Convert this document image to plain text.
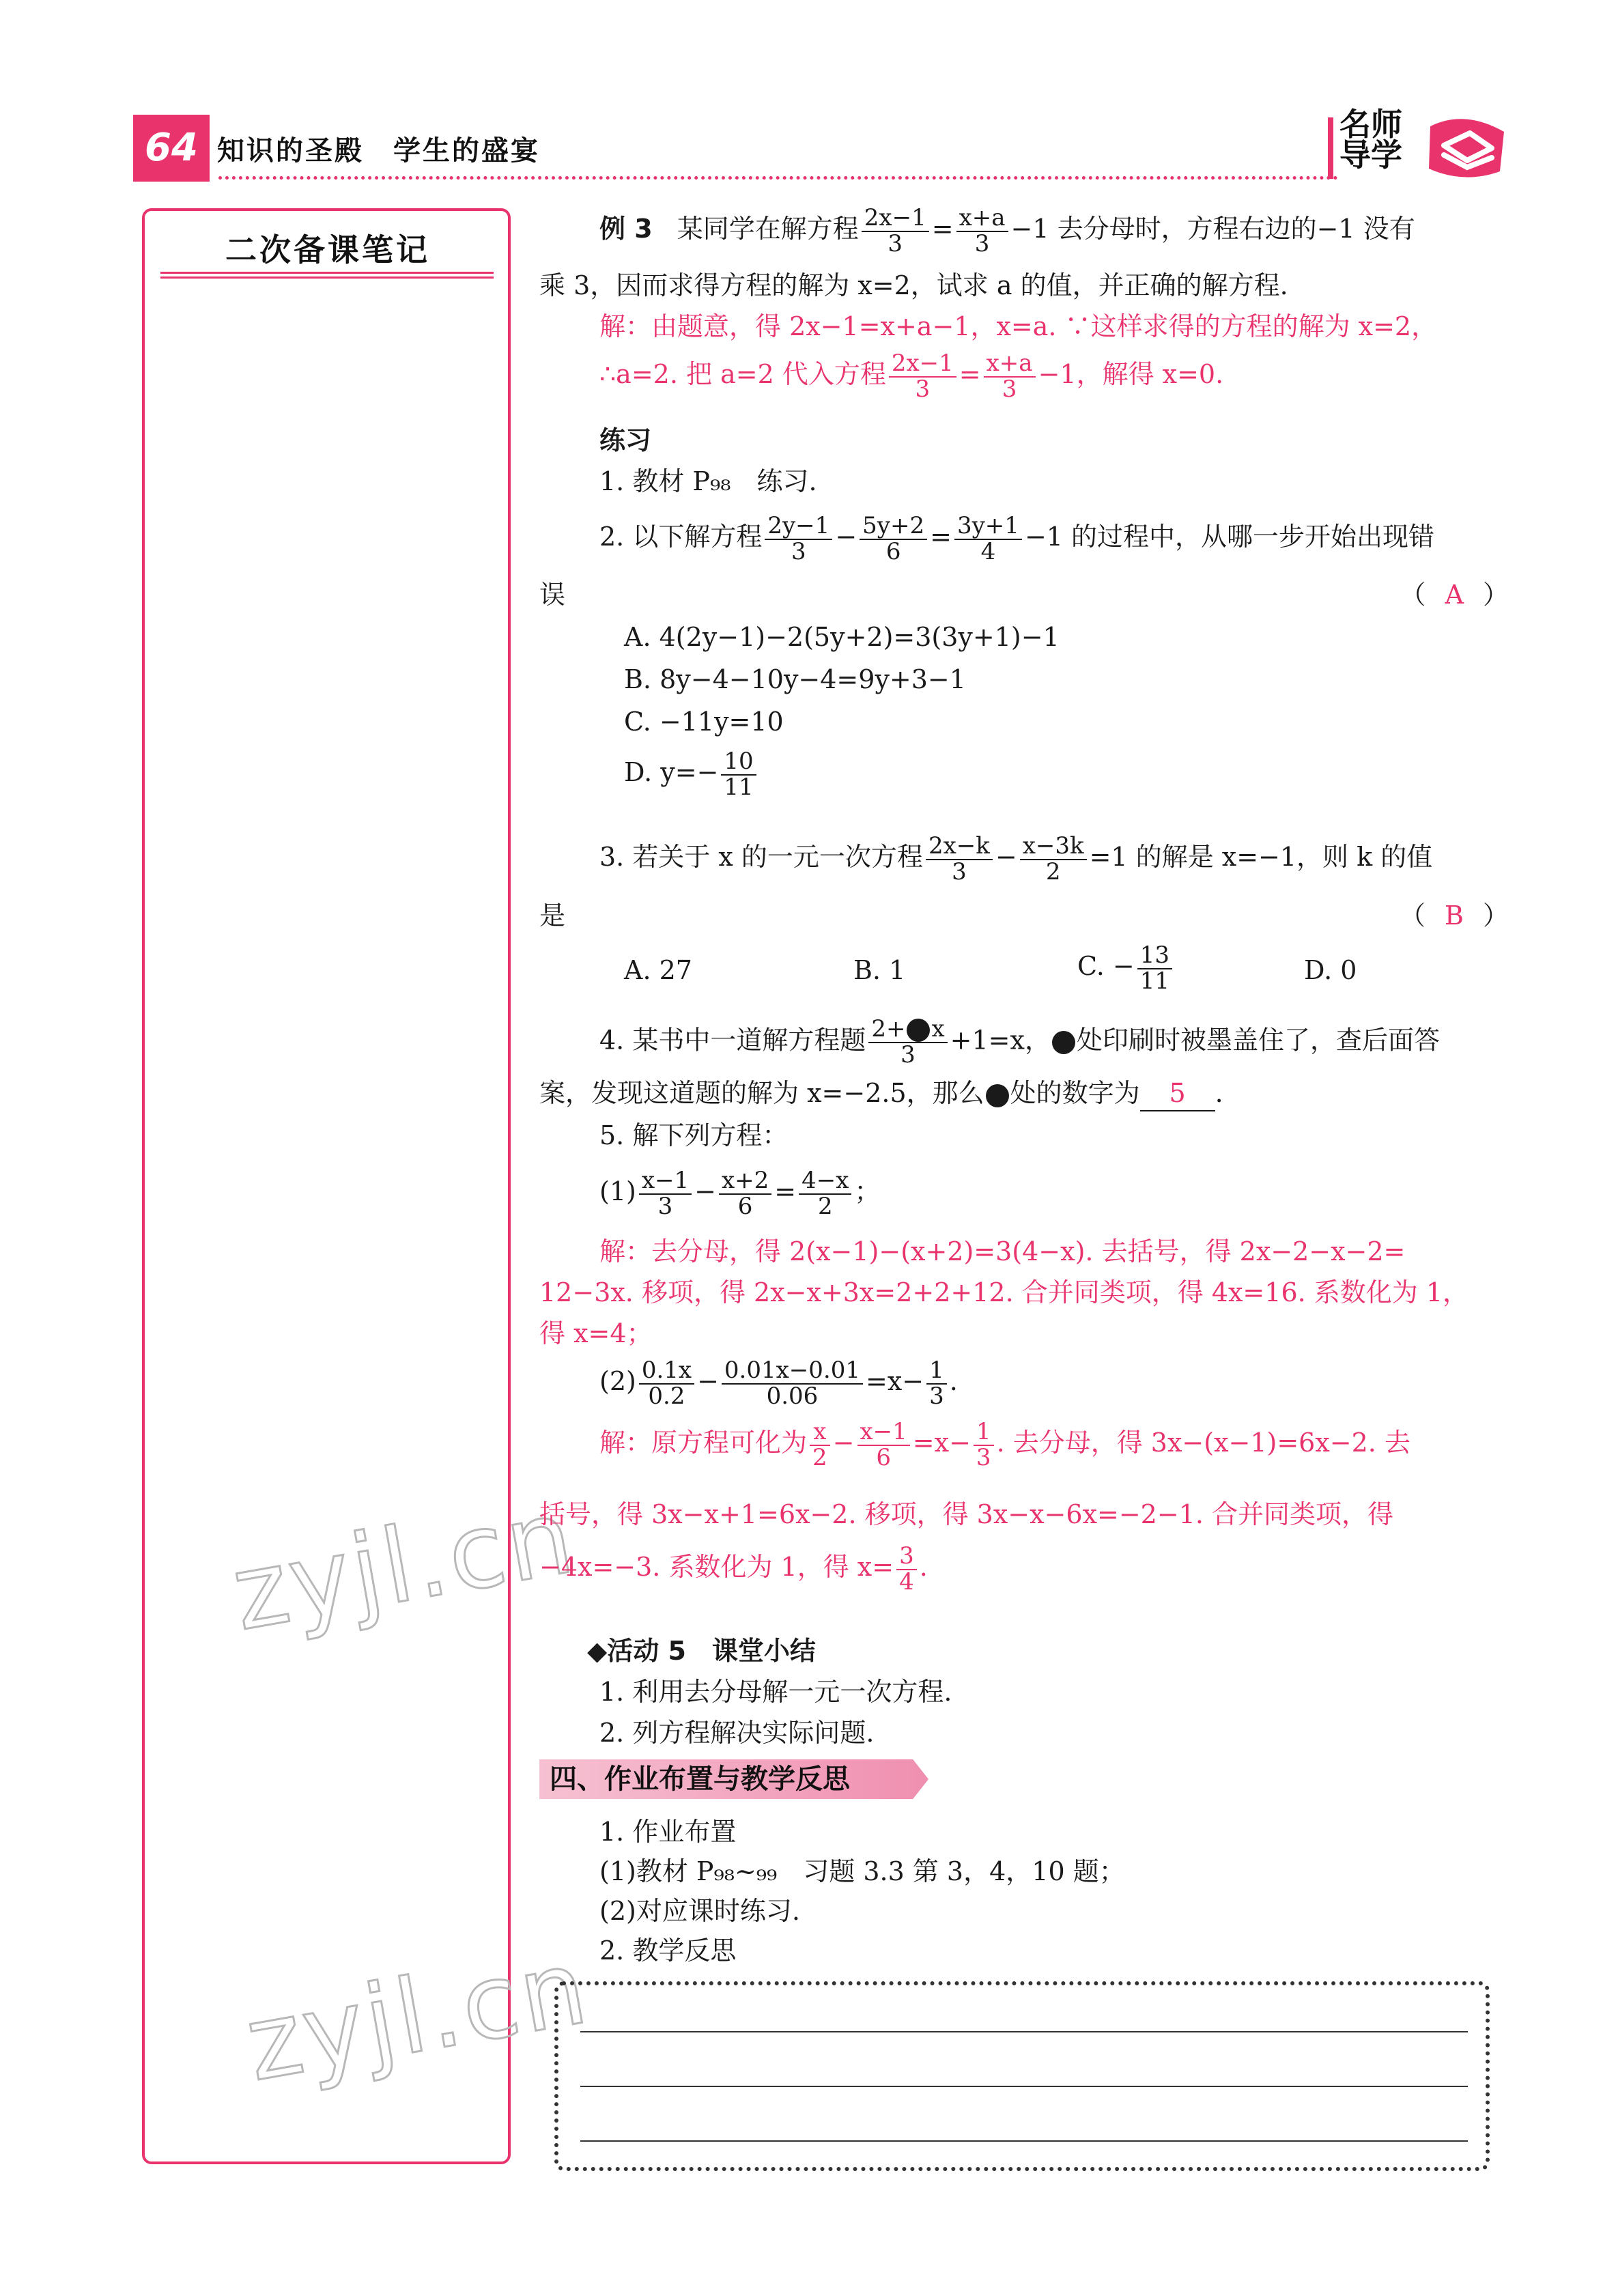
64 知识的圣殿　学生的盛宴
名师
导学
二次备课笔记
zyjl.cn
zyjl.cn
例 3 某同学在解方程 $\frac{2x-1}{3} = \frac{x+a}{3} -1$ 去分母时，方程右边的−1 没有
乘 3，因而求得方程的解为 x=2，试求 a 的值，并正确的解方程.
解：由题意，得 2x−1=x+a−1，x=a. ∵这样求得的方程的解为 x=2，
∴a=2. 把 a=2 代入方程 $\frac{2x-1}{3} = \frac{x+a}{3} -1$，解得 x=0.
练习
1. 教材 P₉₈　练习.
2. 以下解方程 $\frac{2y-1}{3} - \frac{5y+2}{6} = \frac{3y+1}{4} -1$ 的过程中，从哪一步开始出现错
误	（ A ）
A. 4(2y−1)−2(5y+2)=3(3y+1)−1
B. 8y−4−10y−4=9y+3−1
C. −11y=10
D. $y=- \frac{10}{11}$
3. 若关于 x 的一元一次方程 $\frac{2x-k}{3} - \frac{x-3k}{2} =1$ 的解是 x=−1，则 k 的值
是	（ B ）
A. 27	B. 1	C. − $\frac{13}{11}$	D. 0
4. 某书中一道解方程题 $\frac{2+ x}{3} +1=x$， 处印刷时被墨盖住了，查后面答
案，发现这道题的解为 x=−2.5，那么 处的数字为 5 .
5. 解下列方程：
$(1) \frac{x-1}{3} - \frac{x+2}{6} = \frac{4-x}{2}$ ；
解：去分母，得 2(x−1)−(x+2)=3(4−x). 去括号，得 2x−2−x−2=
12−3x. 移项，得 2x−x+3x=2+2+12. 合并同类项，得 4x=16. 系数化为 1，
得 x=4；
$(2) \frac{0.1x}{0.2} - \frac{0.01x-0.01}{0.06} =x- \frac{1}{3}$ .
解：原方程可化为 $\frac{x}{2} - \frac{x-1}{6} =x- \frac{1}{3}$ . 去分母，得 3x−(x−1)=6x−2. 去
括号，得 3x−x+1=6x−2. 移项，得 3x−x−6x=−2−1. 合并同类项，得
−4x=−3. 系数化为 1，得 $x= \frac{3}{4}$ .
◆活动 5　课堂小结
1. 利用去分母解一元一次方程.
2. 列方程解决实际问题.
四、作业布置与教学反思
1. 作业布置
(1)教材 P₉₈~₉₉　习题 3.3 第 3，4，10 题；
(2)对应课时练习.
2. 教学反思
